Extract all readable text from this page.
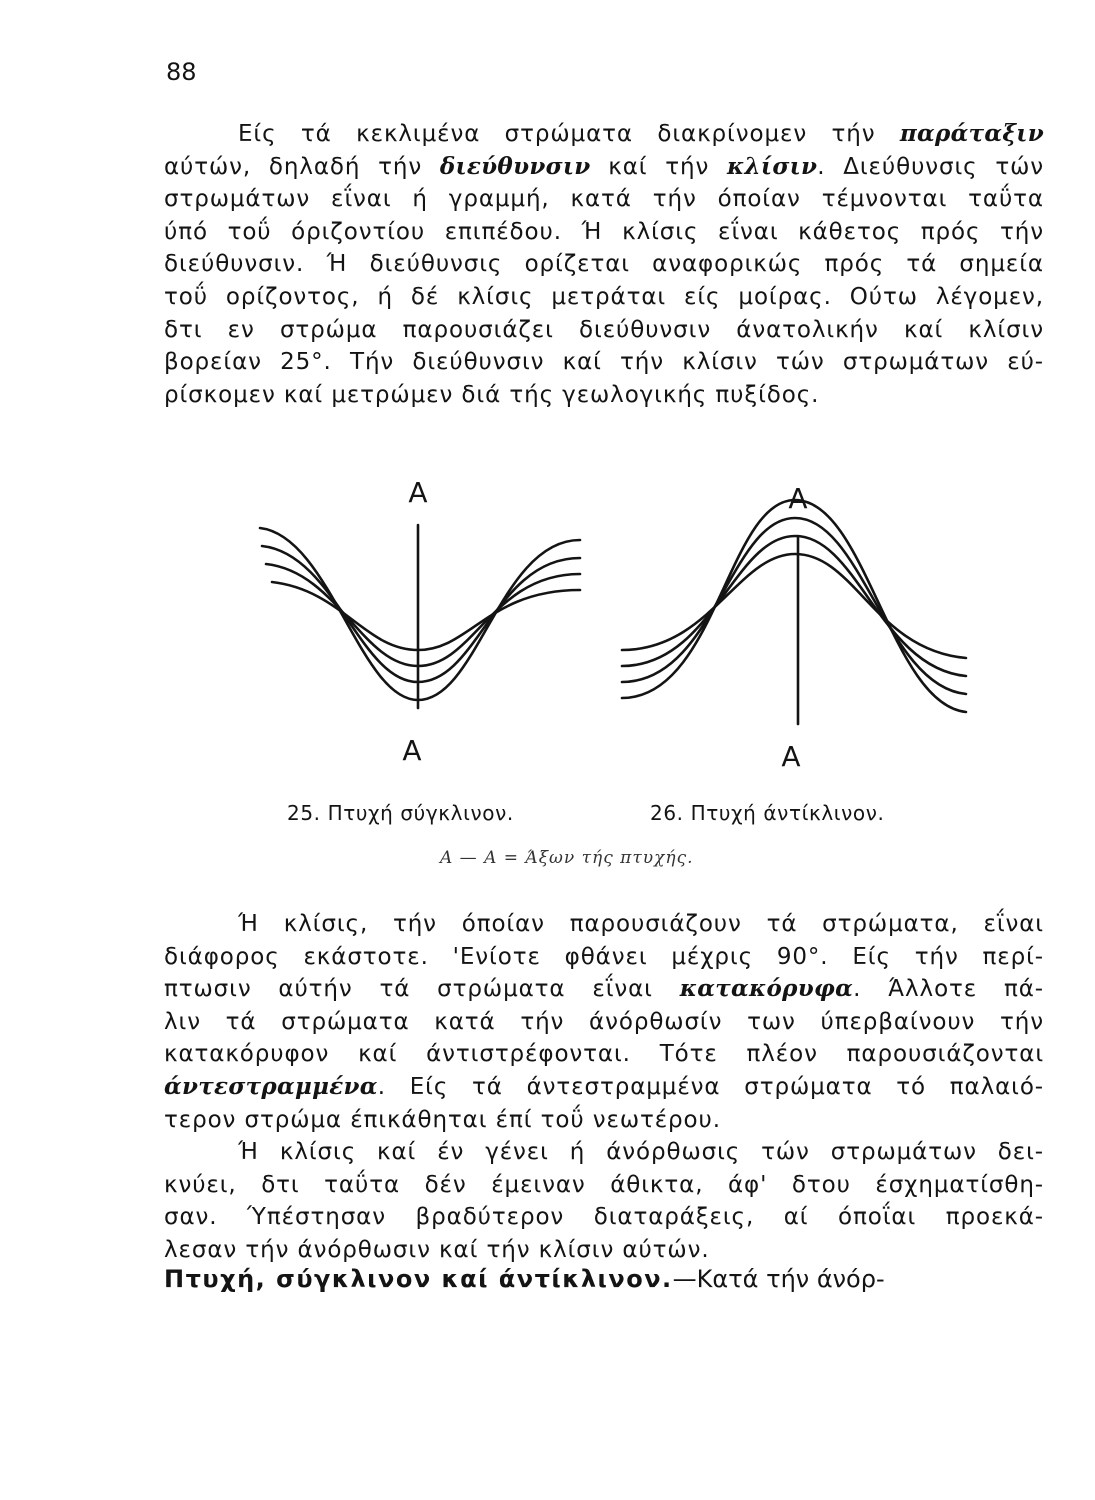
88
Είς τά κεκλιμένα στρώματα διακρίνομεν τήν παράταξιν
αύτών, δηλαδή τήν διεύθυνσιν καί τήν κλίσιν. Διεύθυνσις τών
στρωμάτων εΐναι ή γραμμή, κατά τήν όποίαν τέμνονται ταΰτα
ύπό τοΰ όριζοντίου επιπέδου. Ή κλίσις εΐναι κάθετος πρός τήν
διεύθυνσιν. Ή διεύθυνσις ορίζεται αναφορικώς πρός τά σημεία
τοΰ ορίζοντος, ή δέ κλίσις μετράται είς μοίρας. Ούτω λέγομεν,
δτι εν στρώμα παρουσιάζει διεύθυνσιν άνατολικήν καί κλίσιν
βορείαν 25°. Τήν διεύθυνσιν καί τήν κλίσιν τών στρωμάτων εύ-
ρίσκομεν καί μετρώμεν διά τής γεωλογικής πυξίδος.
Α
Α
Α
Α
25. Πτυχή σύγκλινον.	26. Πτυχή άντίκλινον.
Α — Α = Άξων τής πτυχής.
Ή κλίσις, τήν όποίαν παρουσιάζουν τά στρώματα, εΐναι
διάφορος εκάστοτε. 'Ενίοτε φθάνει μέχρις 90°. Είς τήν περί-
πτωσιν αύτήν τά στρώματα εΐναι κατακόρυφα. Άλλοτε πά-
λιν τά στρώματα κατά τήν άνόρθωσίν των ύπερβαίνουν τήν
κατακόρυφον καί άντιστρέφονται. Τότε πλέον παρουσιάζονται
άντεστραμμένα. Είς τά άντεστραμμένα στρώματα τό παλαιό-
τερον στρώμα έπικάθηται έπί τοΰ νεωτέρου.
Ή κλίσις καί έν γένει ή άνόρθωσις τών στρωμάτων δει-
κνύει, δτι ταΰτα δέν έμειναν άθικτα, άφ' δτου έσχηματίσθη-
σαν. Ύπέστησαν βραδύτερον διαταράξεις, αί όποΐαι προεκά-
λεσαν τήν άνόρθωσιν καί τήν κλίσιν αύτών.
Πτυχή, σύγκλινον καί άντίκλινον.—Κατά τήν άνόρ-
